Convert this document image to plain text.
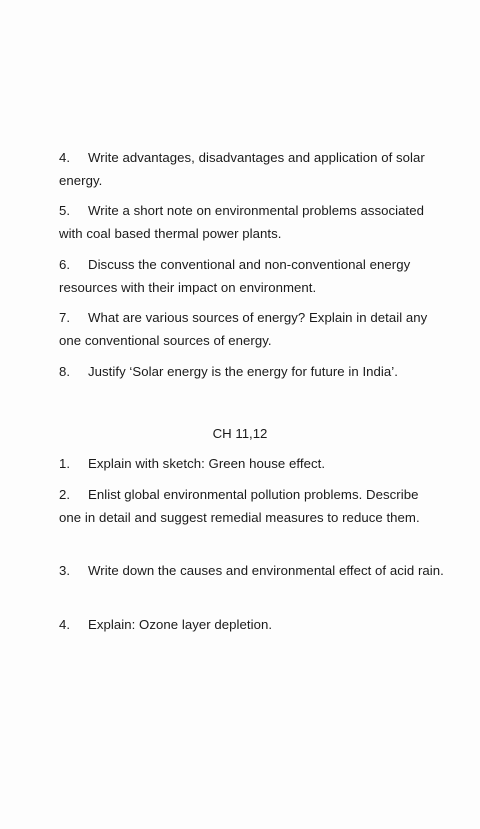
4. Write advantages, disadvantages and application of solar energy.
5. Write a short note on environmental problems associated with coal based thermal power plants.
6. Discuss the conventional and non-conventional energy resources with their impact on environment.
7. What are various sources of energy? Explain in detail any one conventional sources of energy.
8. Justify ‘Solar energy is the energy for future in India’.
CH 11,12
1. Explain with sketch: Green house effect.
2. Enlist global environmental pollution problems. Describe one in detail and suggest remedial measures to reduce them.
3. Write down the causes and environmental effect of acid rain.
4. Explain: Ozone layer depletion.
